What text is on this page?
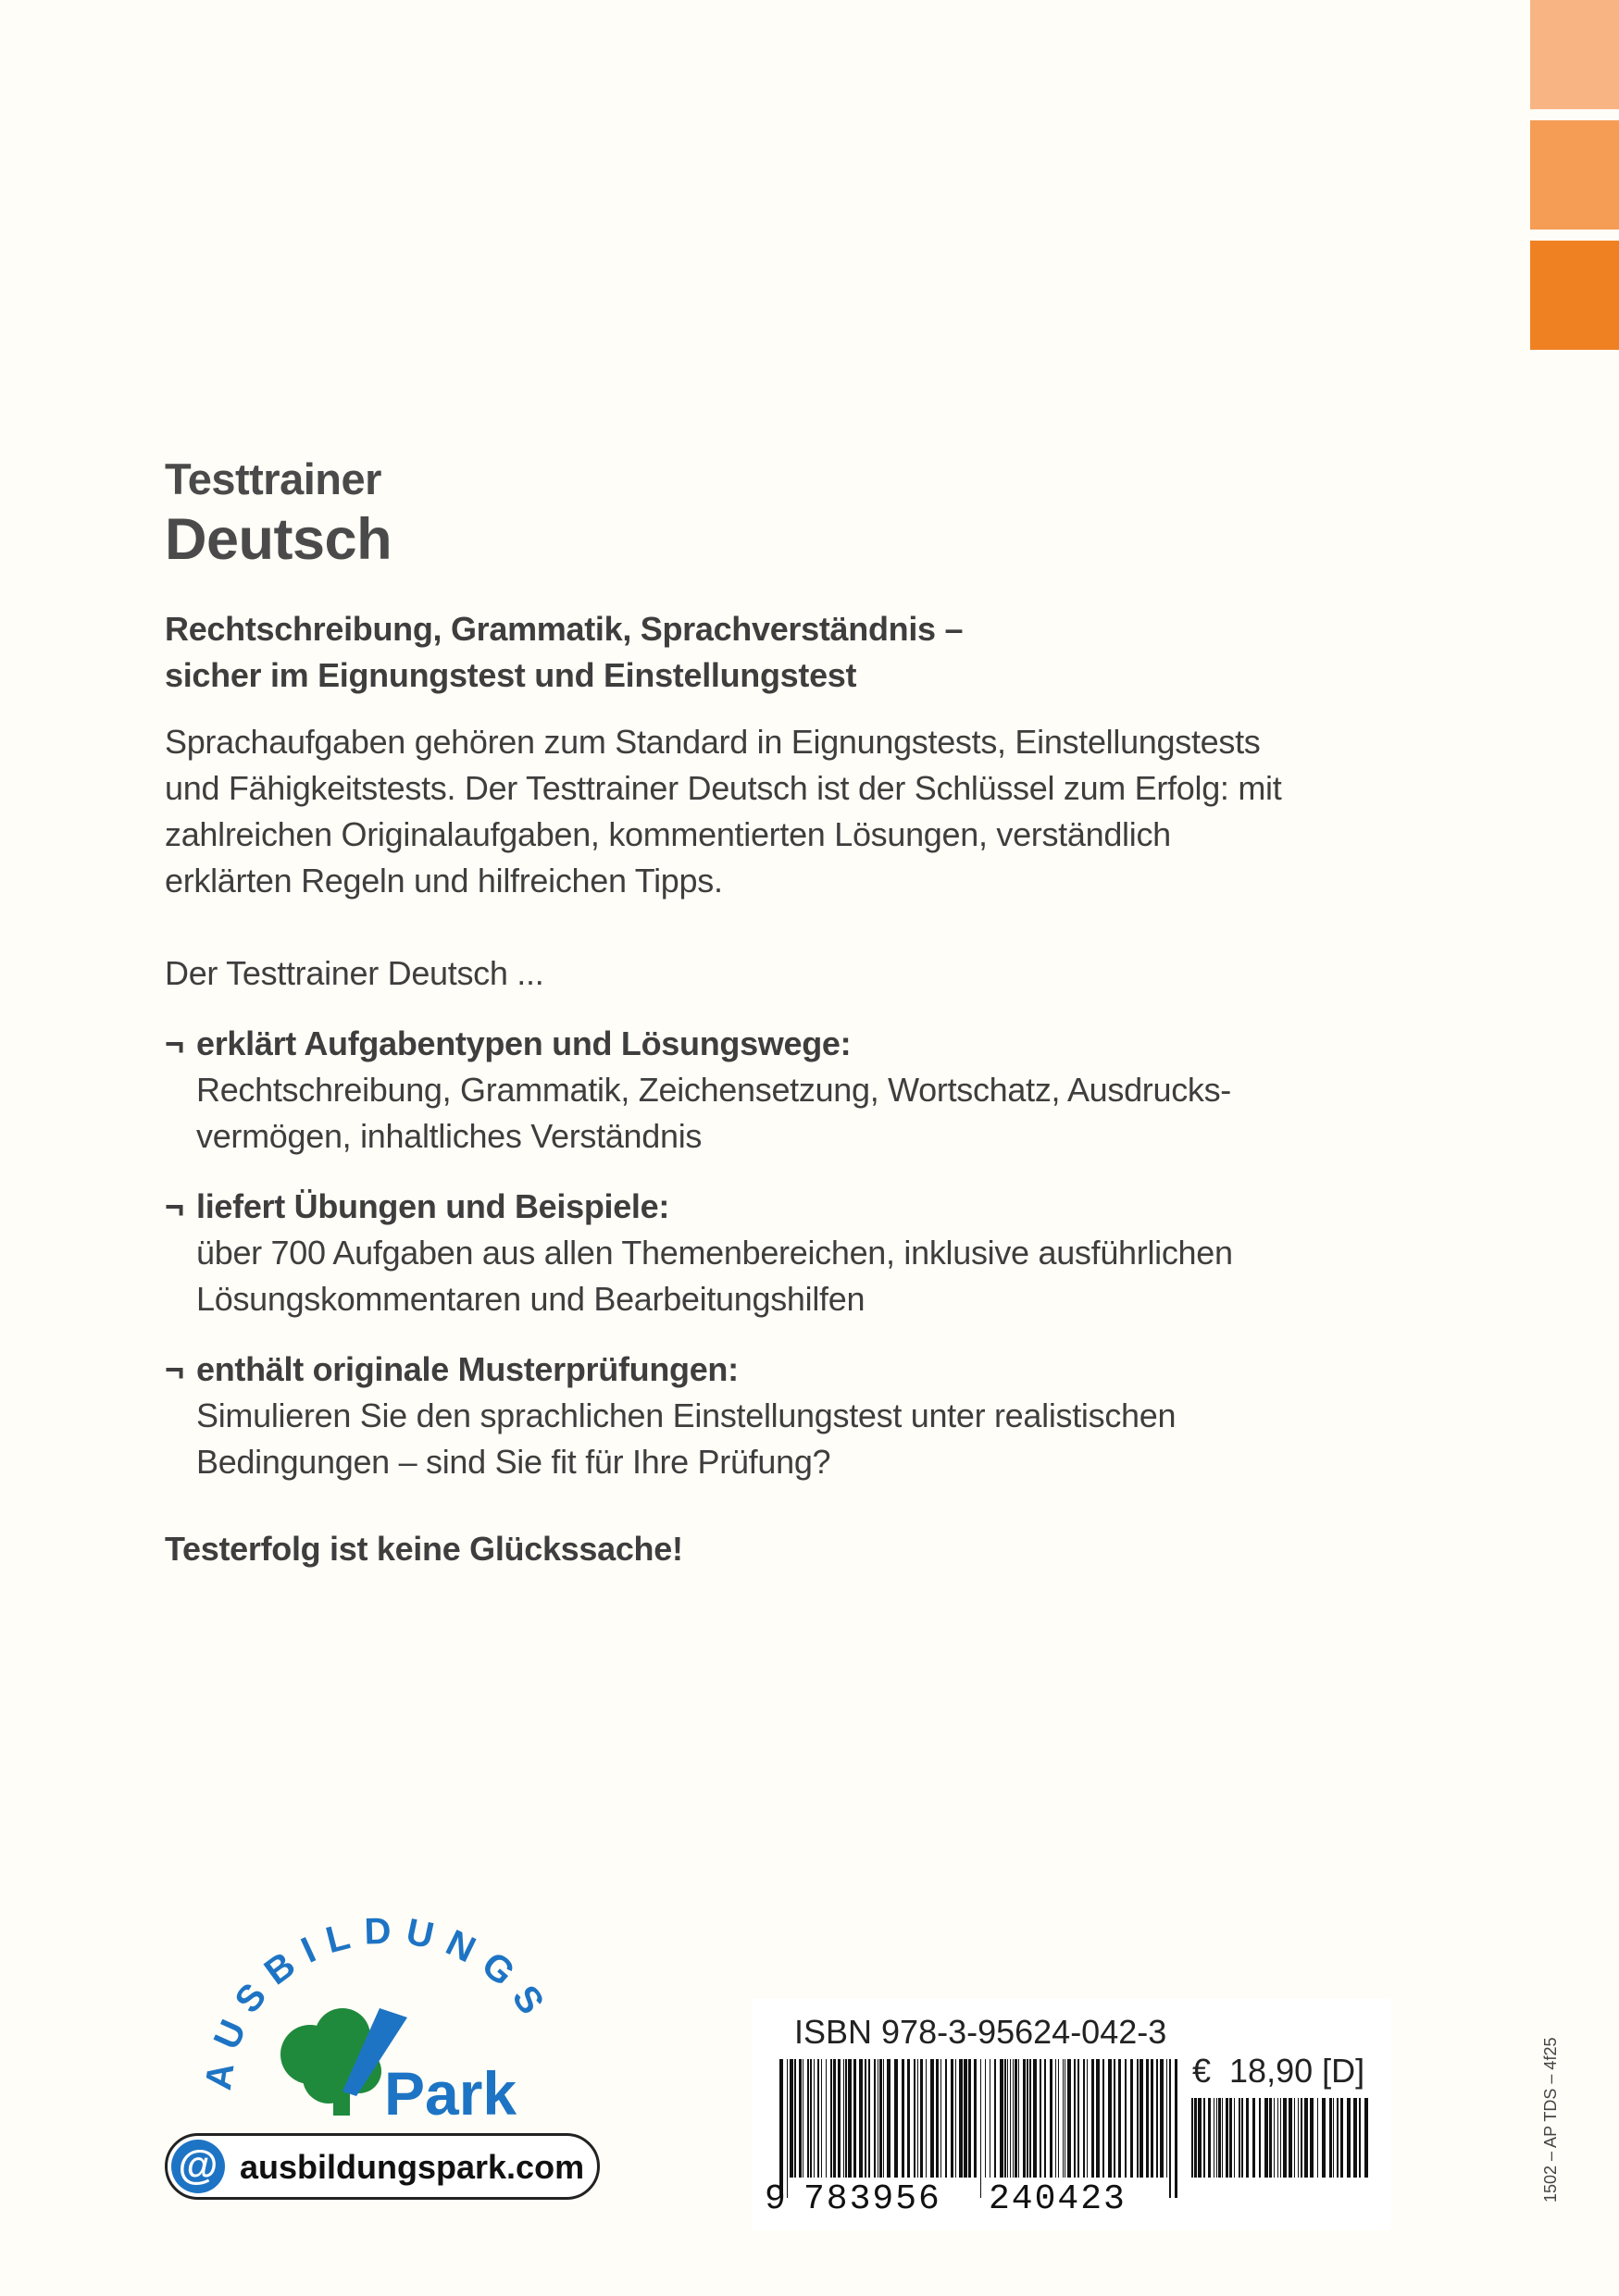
Testtrainer
Deutsch
Rechtschreibung, Grammatik, Sprachverständnis –
sicher im Eignungstest und Einstellungstest
Sprachaufgaben gehören zum Standard in Eignungstests, Einstellungstests
und Fähigkeitstests. Der Testtrainer Deutsch ist der Schlüssel zum Erfolg: mit
zahlreichen Originalaufgaben, kommentierten Lösungen, verständlich
erklärten Regeln und hilfreichen Tipps.
Der Testtrainer Deutsch ...
¬ erklärt Aufgabentypen und Lösungswege:
Rechtschreibung, Grammatik, Zeichensetzung, Wortschatz, Ausdrucks-
vermögen, inhaltliches Verständnis
¬ liefert Übungen und Beispiele:
über 700 Aufgaben aus allen Themenbereichen, inklusive ausführlichen
Lösungskommentaren und Bearbeitungshilfen
¬ enthält originale Musterprüfungen:
Simulieren Sie den sprachlichen Einstellungstest unter realistischen
Bedingungen – sind Sie fit für Ihre Prüfung?
Testerfolg ist keine Glückssache!
AUSBILDUNGS
Park
@ ausbildungspark.com
ISBN 978-3-95624-042-3
€  18,90 [D]
9 783956 240423	1502 – AP TDS – 4f25
